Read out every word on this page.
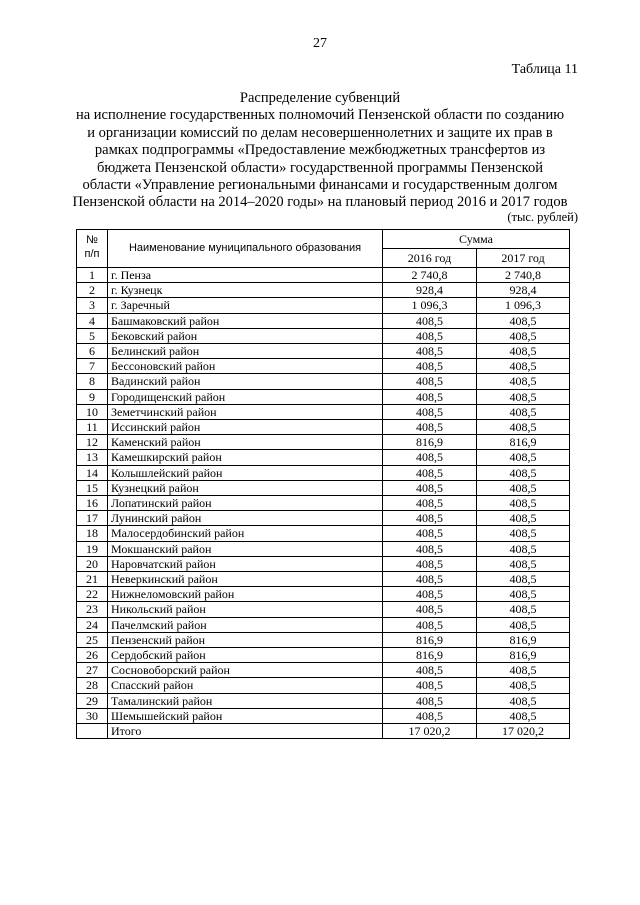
27
Таблица 11
Распределение субвенций
на исполнение государственных полномочий Пензенской области по созданию
и организации комиссий по делам несовершеннолетних и защите их прав в
рамках подпрограммы «Предоставление межбюджетных трансфертов из
бюджета Пензенской области» государственной программы Пензенской
области «Управление региональными финансами и государственным долгом
Пензенской области на 2014–2020 годы» на плановый период 2016 и 2017 годов
(тыс. рублей)
№
п/п	Наименование муниципального образования	Сумма	
		2016 год	2017 год
1	г. Пенза	2 740,8	2 740,8
2	г. Кузнецк	928,4	928,4
3	г. Заречный	1 096,3	1 096,3
4	Башмаковский район	408,5	408,5
5	Бековский район	408,5	408,5
6	Белинский район	408,5	408,5
7	Бессоновский район	408,5	408,5
8	Вадинский район	408,5	408,5
9	Городищенский район	408,5	408,5
10	Земетчинский район	408,5	408,5
11	Иссинский район	408,5	408,5
12	Каменский район	816,9	816,9
13	Камешкирский район	408,5	408,5
14	Колышлейский район	408,5	408,5
15	Кузнецкий район	408,5	408,5
16	Лопатинский район	408,5	408,5
17	Лунинский район	408,5	408,5
18	Малосердобинский район	408,5	408,5
19	Мокшанский район	408,5	408,5
20	Наровчатский район	408,5	408,5
21	Неверкинский район	408,5	408,5
22	Нижнеломовский район	408,5	408,5
23	Никольский район	408,5	408,5
24	Пачелмский район	408,5	408,5
25	Пензенский район	816,9	816,9
26	Сердобский район	816,9	816,9
27	Сосновоборский район	408,5	408,5
28	Спасский район	408,5	408,5
29	Тамалинский район	408,5	408,5
30	Шемышейский район	408,5	408,5
	Итого	17 020,2	17 020,2
